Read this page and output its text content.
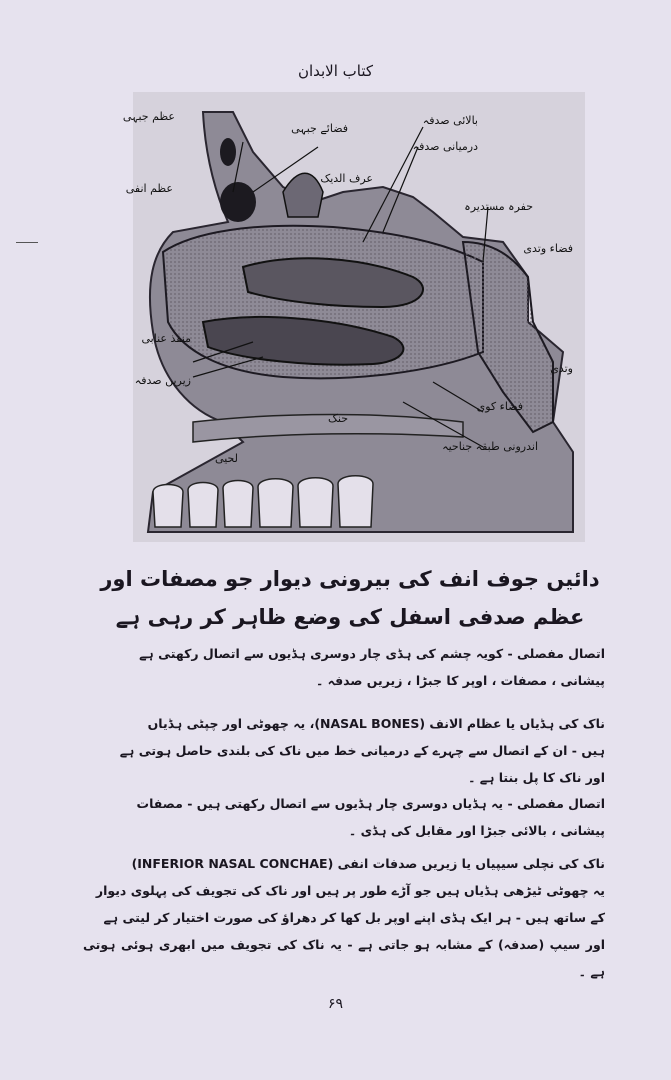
کتاب الابدان
عظم جبہی
فضائے جبہی
عظم انفی
عرف الدیک
بالائی صدفہ
درمیانی صدفہ
حفرہ مستدیرہ
فضاء وتدی
وتدی
منفذ عنابی
زیریں صدفہ
فضاء کوی
اندرونی طبقہ جناحیہ
لحیی
حنک
دائیں جوف انف کی بیرونی دیوار جو مصفات اور
عظم صدفی اسفل کی وضع ظاہر کر رہی ہے
اتصال مفصلی - کویہ چشم کی ہڈی چار دوسری ہڈیوں سے اتصال رکھتی ہے
پیشانی ، مصفات ، اوپر کا جبڑا ، زیریں صدفہ ۔
ناک کی ہڈیاں یا عظام الانف (NASAL BONES)، یہ چھوٹی اور چپٹی ہڈیاں
ہیں - ان کے اتصال سے چہرے کے درمیانی خط میں ناک کی بلندی حاصل ہوتی ہے
اور ناک کا پل بنتا ہے ۔
اتصال مفصلی - یہ ہڈیاں دوسری چار ہڈیوں سے اتصال رکھتی ہیں - مصفات
پیشانی ، بالائی جبڑا اور مقابل کی ہڈی ۔
ناک کی نچلی سیپیاں یا زیریں صدفات انفی (INFERIOR NASAL CONCHAE)
یہ چھوٹی ٹیڑھی ہڈیاں ہیں جو آڑے طور پر ہیں اور ناک کی تجویف کی پہلوی دیوار
کے ساتھ ہیں - ہر ایک ہڈی اپنے اوپر بل کھا کر دھراؤ کی صورت اختیار کر لیتی ہے
اور سیپ (صدفہ) کے مشابہ ہو جاتی ہے - یہ ناک کی تجویف میں ابھری ہوئی ہوتی ہے ۔
۶۹
